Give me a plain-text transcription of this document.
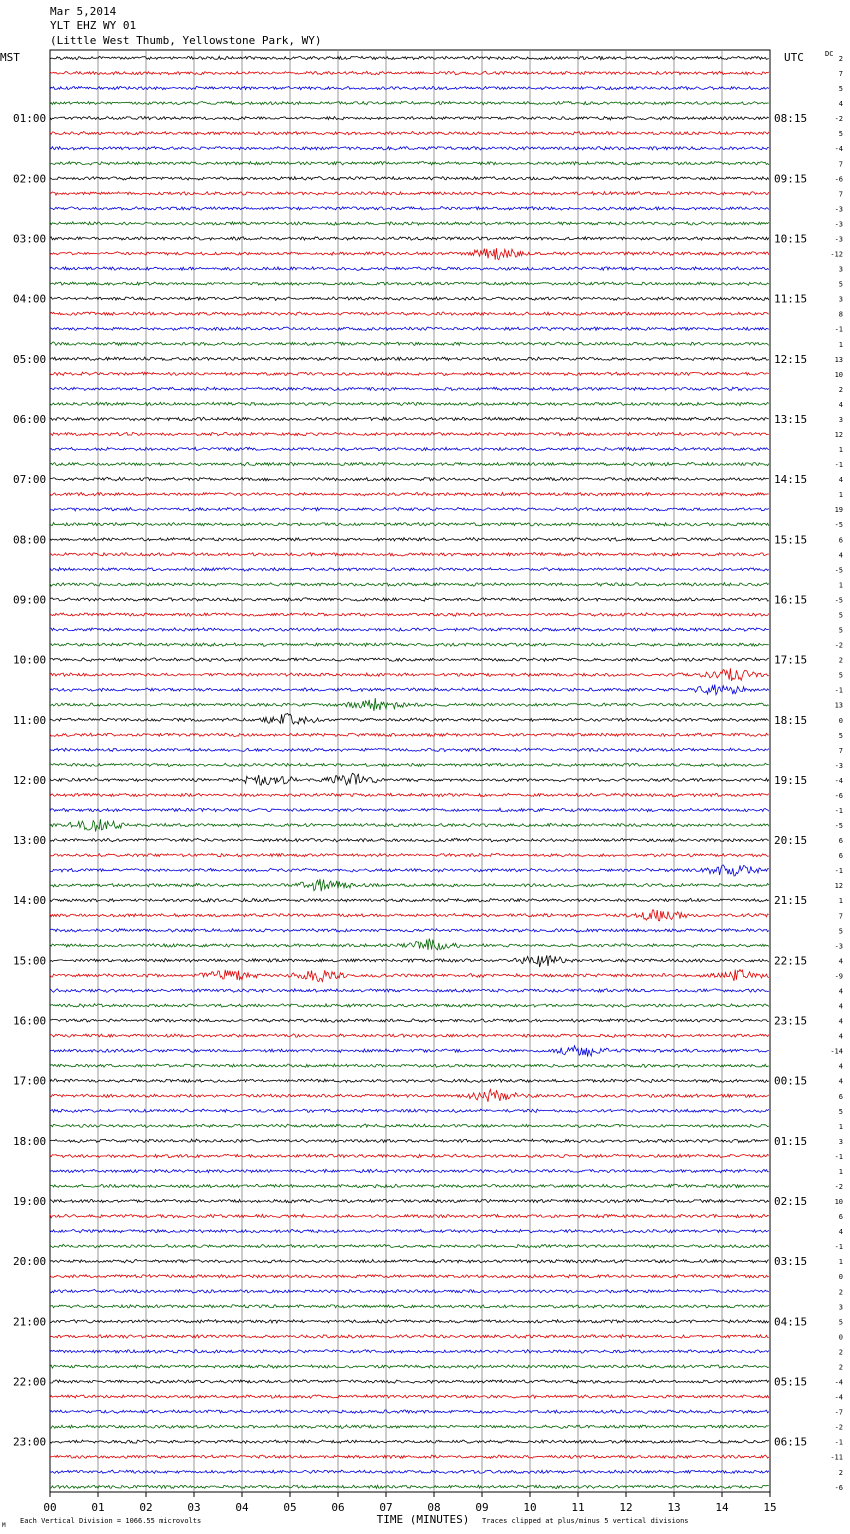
Mar 5,2014
YLT EHZ WY 01
(Little West Thumb, Yellowstone Park, WY)
2
7
5
4
-2
5
-4
7
-6
7
-3
-3
-3
-12
3
5
3
8
-1
1
13
10
2
4
3
12
1
-1
4
1
19
-5
6
4
-5
1
-5
5
5
-2
2
5
-1
13
0
5
7
-3
-4
-6
-1
-5
6
6
-1
12
1
7
5
-3
4
-9
4
4
4
4
-14
4
4
6
5
1
3
-1
1
-2
10
6
4
-1
1
0
2
3
5
0
2
2
-4
-4
-7
-2
-1
-11
2
-6
MST	UTC	DC
01:00
02:00
03:00
04:00
05:00
06:00
07:00
08:00
09:00
10:00
11:00
12:00
13:00
14:00
15:00
16:00
17:00
18:00
19:00
20:00
21:00
22:00
23:00
08:15
09:15
10:15
11:15
12:15
13:15
14:15
15:15
16:15
17:15
18:15
19:15
20:15
21:15
22:15
23:15
00:15
01:15
02:15
03:15
04:15
05:15
06:15
00	01	02	03	04	05	06	07	08	09	10	11	12	13	14	15
TIME (MINUTES)
Each Vertical Division = 1066.55 microvolts	Traces clipped at plus/minus 5 vertical divisions
M
